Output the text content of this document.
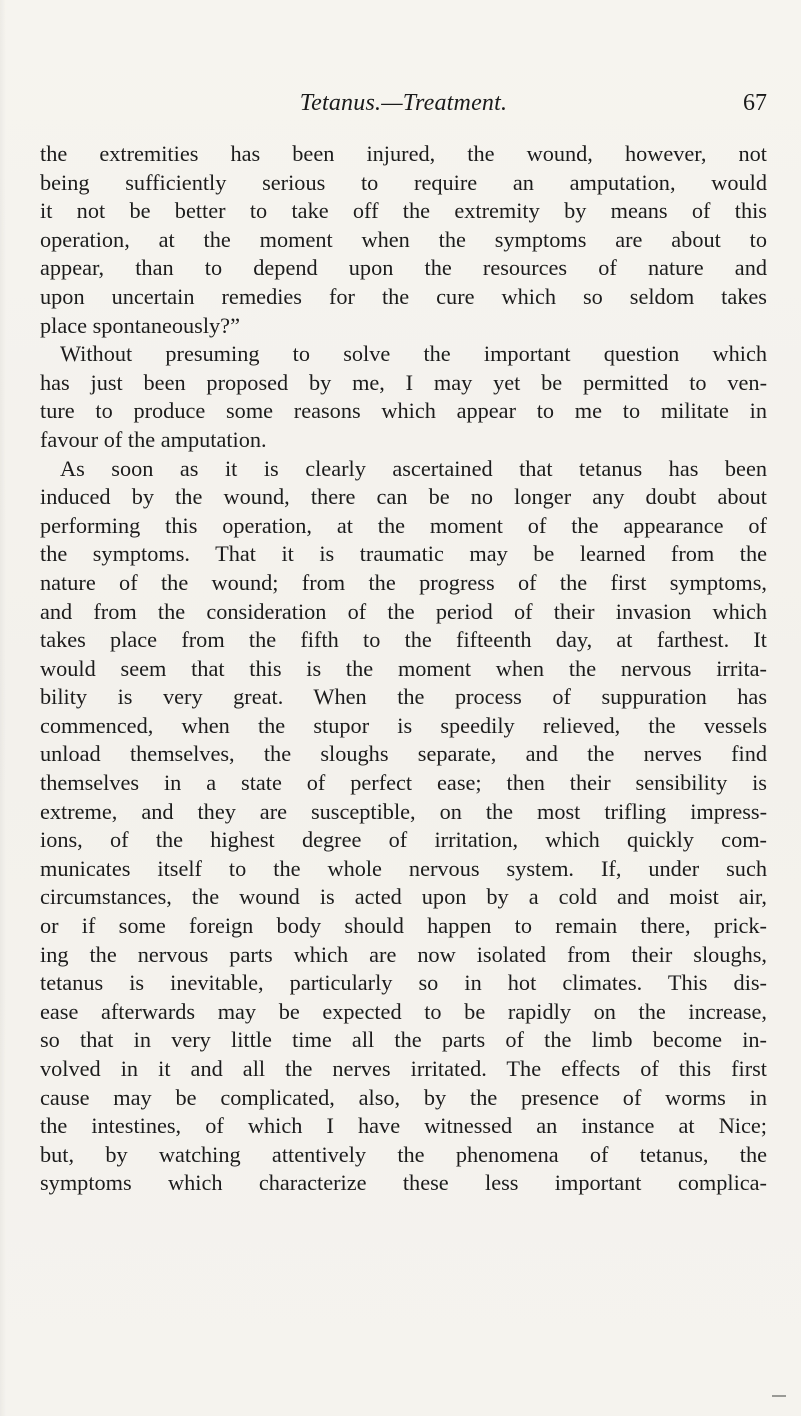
Tetanus.—Treatment.	67
the extremities has been injured, the wound, however, not
being sufficiently serious to require an amputation, would
it not be better to take off the extremity by means of this
operation, at the moment when the symptoms are about to
appear, than to depend upon the resources of nature and
upon uncertain remedies for the cure which so seldom takes
place spontaneously?”
Without presuming to solve the important question which
has just been proposed by me, I may yet be permitted to ven-
ture to produce some reasons which appear to me to militate in
favour of the amputation.
As soon as it is clearly ascertained that tetanus has been
induced by the wound, there can be no longer any doubt about
performing this operation, at the moment of the appearance of
the symptoms. That it is traumatic may be learned from the
nature of the wound; from the progress of the first symptoms,
and from the consideration of the period of their invasion which
takes place from the fifth to the fifteenth day, at farthest. It
would seem that this is the moment when the nervous irrita-
bility is very great. When the process of suppuration has
commenced, when the stupor is speedily relieved, the vessels
unload themselves, the sloughs separate, and the nerves find
themselves in a state of perfect ease; then their sensibility is
extreme, and they are susceptible, on the most trifling impress-
ions, of the highest degree of irritation, which quickly com-
municates itself to the whole nervous system. If, under such
circumstances, the wound is acted upon by a cold and moist air,
or if some foreign body should happen to remain there, prick-
ing the nervous parts which are now isolated from their sloughs,
tetanus is inevitable, particularly so in hot climates. This dis-
ease afterwards may be expected to be rapidly on the increase,
so that in very little time all the parts of the limb become in-
volved in it and all the nerves irritated. The effects of this first
cause may be complicated, also, by the presence of worms in
the intestines, of which I have witnessed an instance at Nice;
but, by watching attentively the phenomena of tetanus, the
symptoms which characterize these less important complica-
